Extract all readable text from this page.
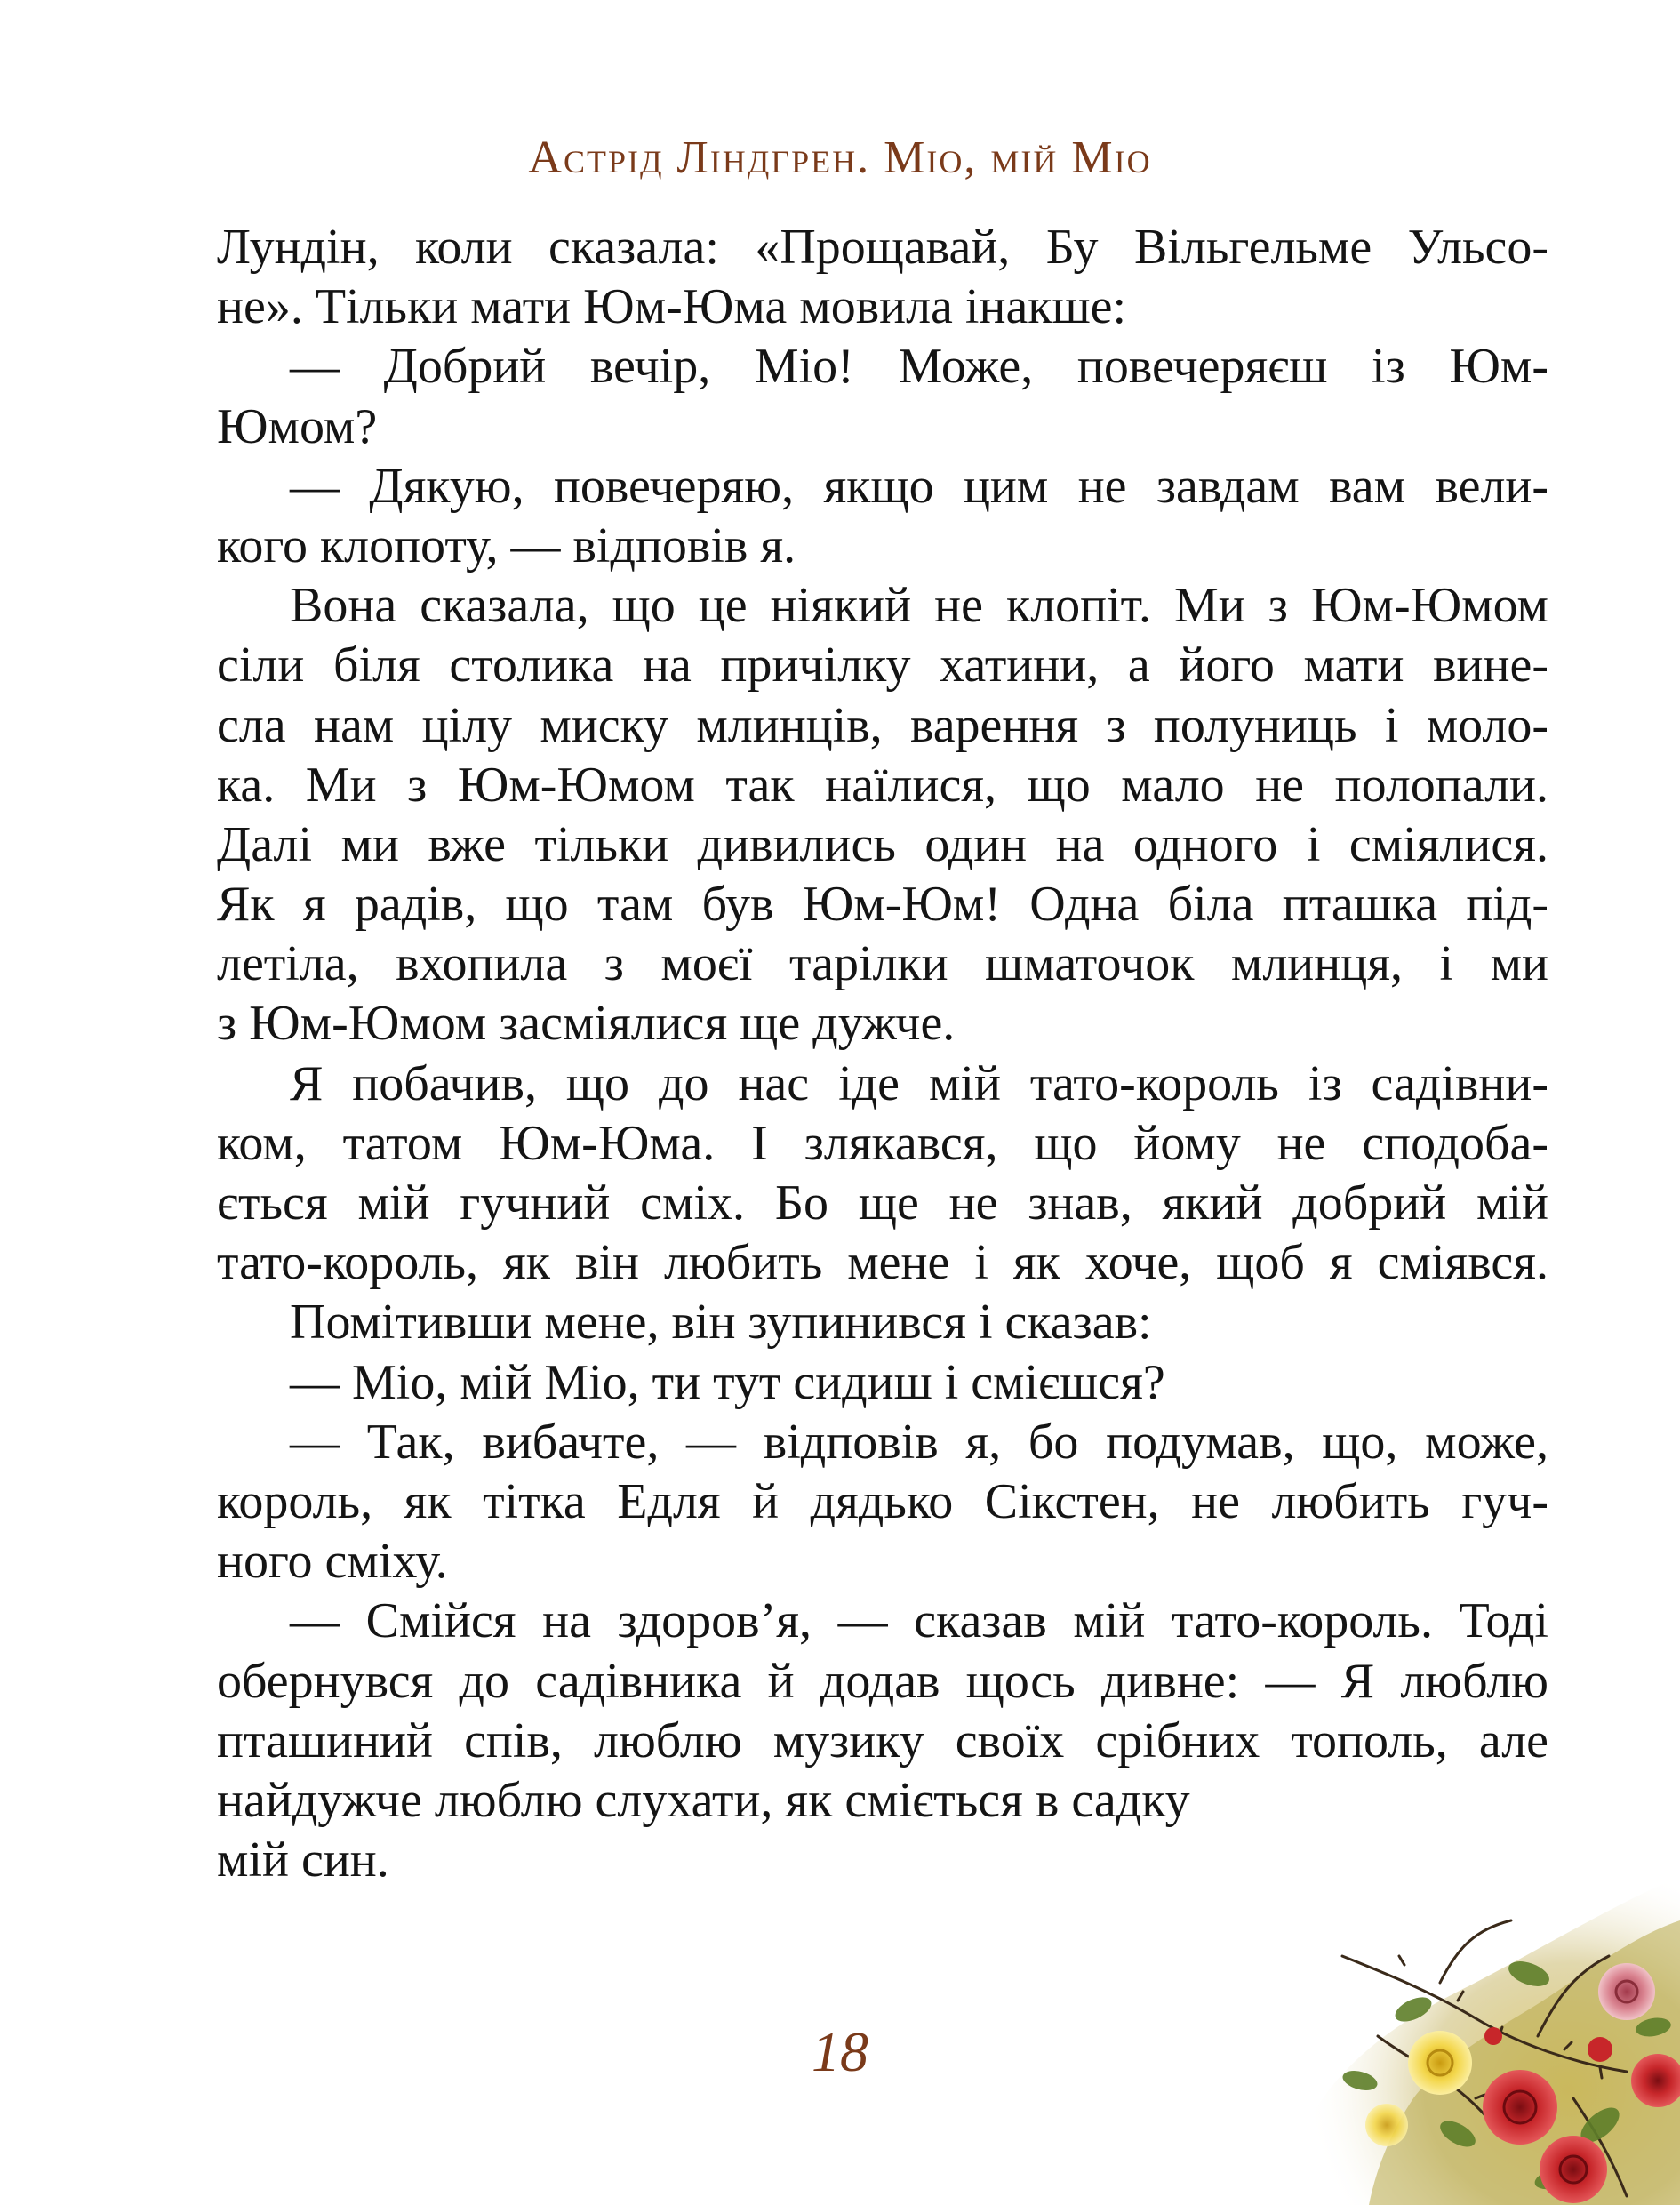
Астрід Ліндгрен. Міо, мій Міо
Лундін, коли сказала: «Прощавай, Бу Вільгельме Ульсо-
не». Тільки мати Юм-Юма мовила інакше:
— Добрий вечір, Міо! Може, повечеряєш із Юм-
Юмом?
— Дякую, повечеряю, якщо цим не завдам вам вели-
кого клопоту, — відповів я.
Вона сказала, що це ніякий не клопіт. Ми з Юм-Юмом
сіли біля столика на причілку хатини, а його мати вине-
сла нам цілу миску млинців, варення з полуниць і моло-
ка. Ми з Юм-Юмом так наїлися, що мало не полопали.
Далі ми вже тільки дивились один на одного і сміялися.
Як я радів, що там був Юм-Юм! Одна біла пташка під-
летіла, вхопила з моєї тарілки шматочок млинця, і ми
з Юм-Юмом засміялися ще дужче.
Я побачив, що до нас іде мій тато-король із садівни-
ком, татом Юм-Юма. І злякався, що йому не сподоба-
ється мій гучний сміх. Бо ще не знав, який добрий мій
тато-король, як він любить мене і як хоче, щоб я сміявся.
Помітивши мене, він зупинився і сказав:
— Міо, мій Міо, ти тут сидиш і смієшся?
— Так, вибачте, — відповів я, бо подумав, що, може,
король, як тітка Едля й дядько Сікстен, не любить гуч-
ного сміху.
— Смійся на здоров’я, — сказав мій тато-король. Тоді
обернувся до садівника й додав щось дивне: — Я люблю
пташиний спів, люблю музику своїх срібних тополь, але
найдужче люблю слухати, як сміється в садку
мій син.
18
